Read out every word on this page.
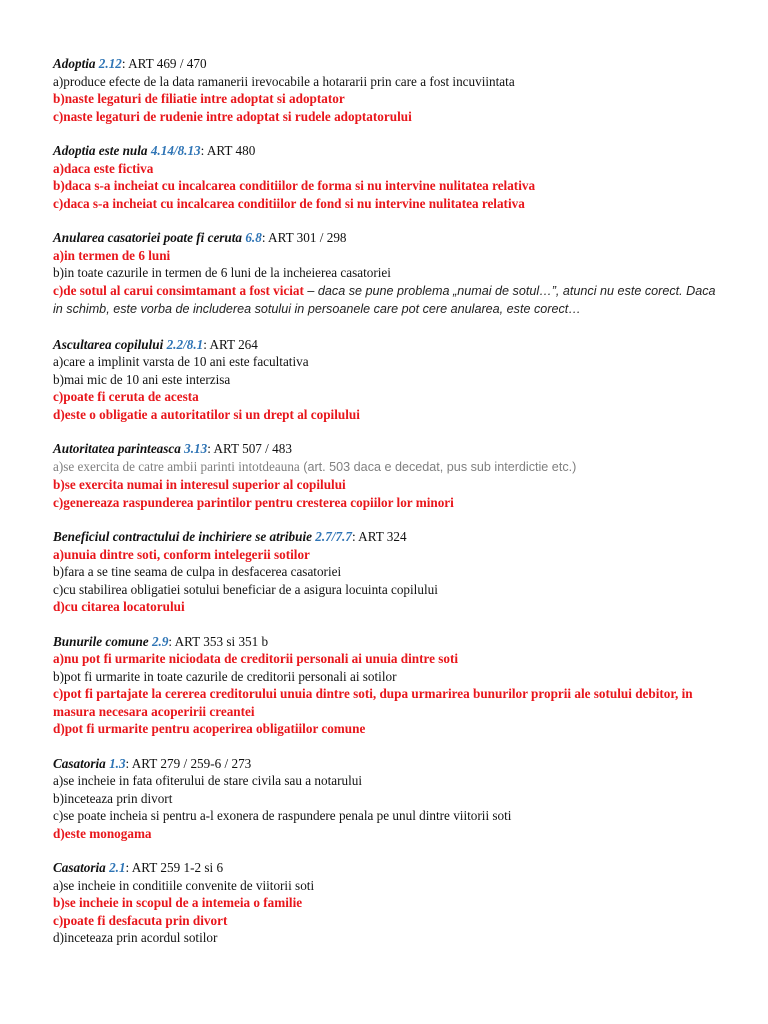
Adoptia 2.12: ART 469 / 470

a)produce efecte de la data ramanerii irevocabile a hotararii prin care a fost incuviintata

b)naste legaturi de filiatie intre adoptat si adoptator

c)naste legaturi de rudenie intre adoptat si rudele adoptatorului

Adoptia este nula 4.14/8.13: ART 480

a)daca este fictiva

b)daca s-a incheiat cu incalcarea conditiilor de forma si nu intervine nulitatea relativa

c)daca s-a incheiat cu incalcarea conditiilor de fond si nu intervine nulitatea relativa

Anularea casatoriei poate fi ceruta 6.8: ART 301 / 298

a)in termen de 6 luni

b)in toate cazurile in termen de 6 luni de la incheierea casatoriei

c)de sotul al carui consimtamant a fost viciat – daca se pune problema „numai de sotul…”, atunci nu este corect. Daca in schimb, este vorba de includerea sotului in persoanele care pot cere anularea, este corect…

Ascultarea copilului 2.2/8.1: ART 264

a)care a implinit varsta de 10 ani este facultativa

b)mai mic de 10 ani este interzisa

c)poate fi ceruta de acesta

d)este o obligatie a autoritatilor si un drept al copilului

Autoritatea parinteasca 3.13: ART 507 / 483

a)se exercita de catre ambii parinti intotdeauna (art. 503 daca e decedat, pus sub interdictie etc.)

b)se exercita numai in interesul superior al copilului

c)genereaza raspunderea parintilor pentru cresterea copiilor lor minori

Beneficiul contractului de inchiriere se atribuie 2.7/7.7: ART 324

a)unuia dintre soti, conform intelegerii sotilor

b)fara a se tine seama de culpa in desfacerea casatoriei

c)cu stabilirea obligatiei sotului beneficiar de a asigura locuinta copilului

d)cu citarea locatorului

Bunurile comune 2.9: ART 353 si 351 b

a)nu pot fi urmarite niciodata de creditorii personali ai unuia dintre soti

b)pot fi urmarite in toate cazurile de creditorii personali ai sotilor

c)pot fi partajate la cererea creditorului unuia dintre soti, dupa urmarirea bunurilor proprii ale sotului debitor, in masura necesara acoperirii creantei

d)pot fi urmarite pentru acoperirea obligatiilor comune

Casatoria 1.3: ART 279 / 259-6 / 273

a)se incheie in fata ofiterului de stare civila sau a notarului

b)inceteaza prin divort

c)se poate incheia si pentru a-l exonera de raspundere penala pe unul dintre viitorii soti

d)este monogama

Casatoria 2.1: ART 259 1-2 si 6

a)se incheie in conditiile convenite de viitorii soti

b)se incheie in scopul de a intemeia o familie

c)poate fi desfacuta prin divort

d)inceteaza prin acordul sotilor
